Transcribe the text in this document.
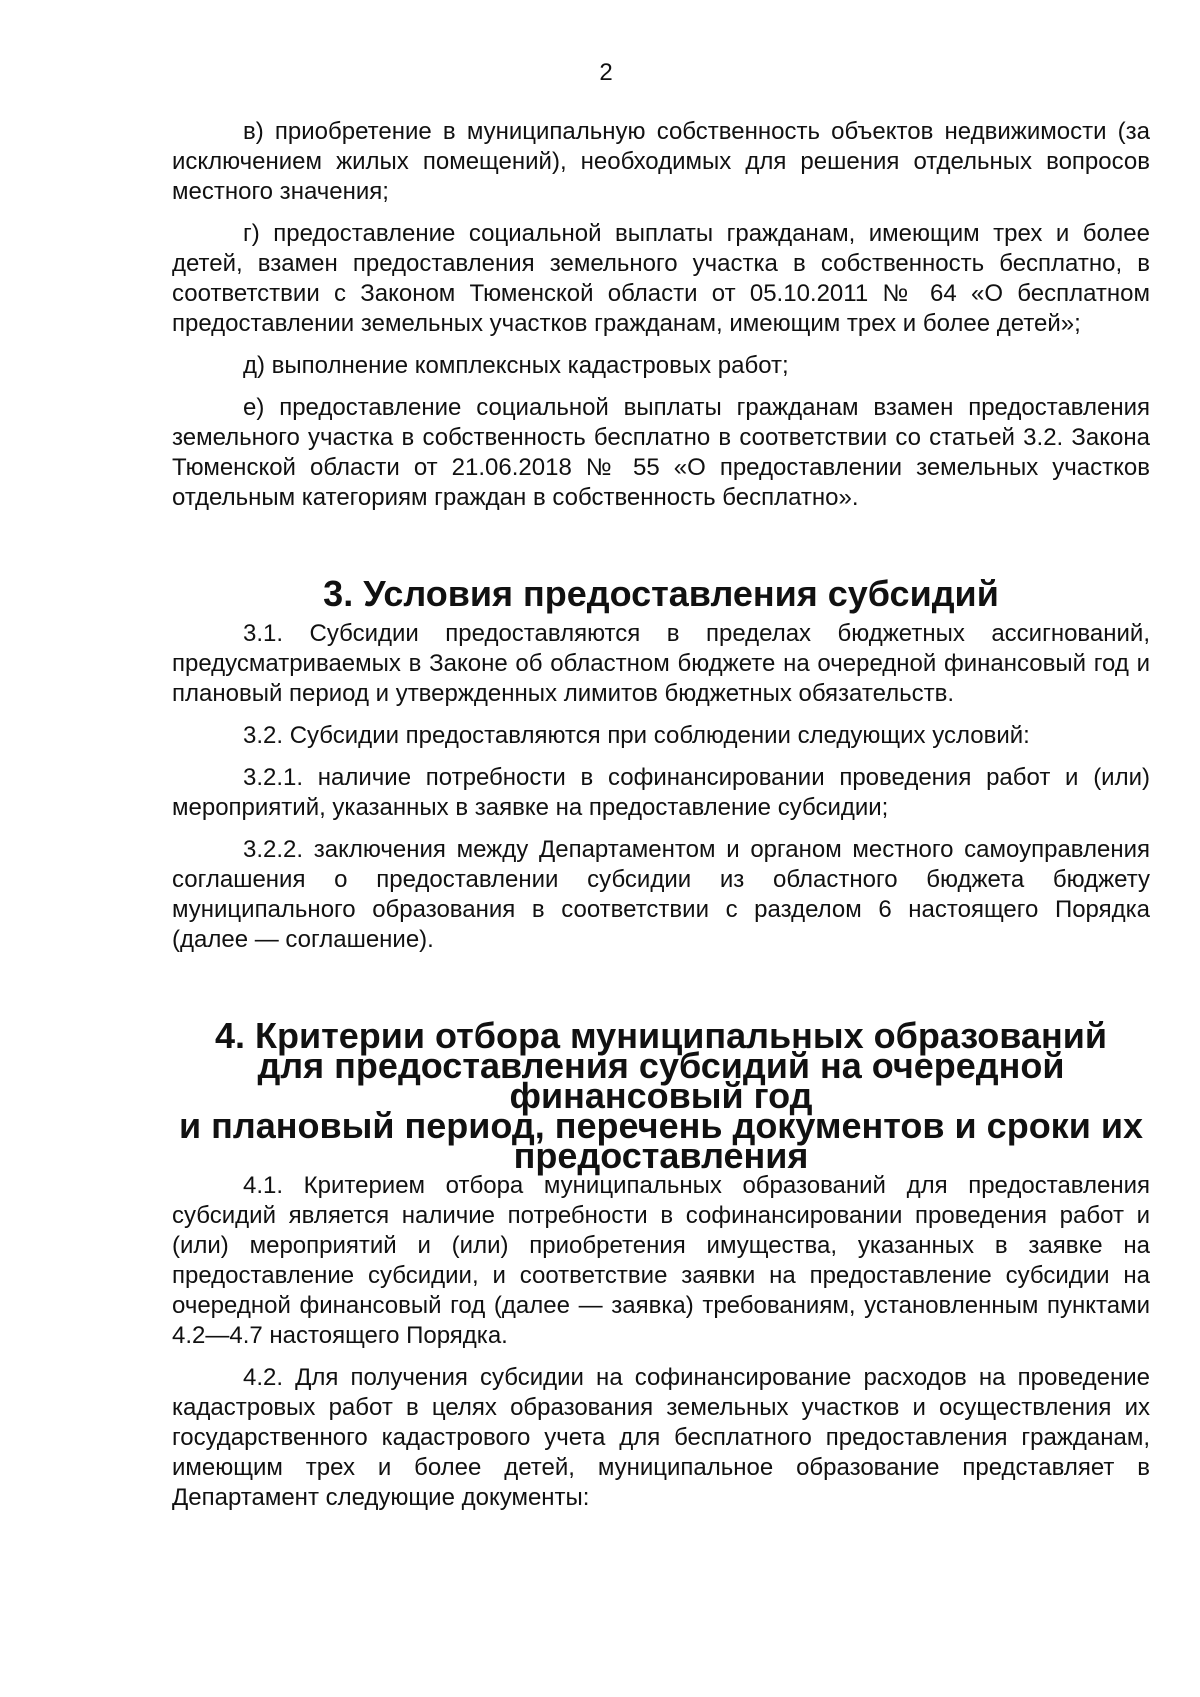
2

в) приобретение в муниципальную собственность объектов недвижимости (за исключением жилых помещений), необходимых для решения отдельных вопросов местного значения;

г) предоставление социальной выплаты гражданам, имеющим трех и более детей, взамен предоставления земельного участка в собственность бесплатно, в соответствии с Законом Тюменской области от 05.10.2011 № 64 «О бесплатном предоставлении земельных участков гражданам, имеющим трех и более детей»;

д) выполнение комплексных кадастровых работ;

е) предоставление социальной выплаты гражданам взамен предоставления земельного участка в собственность бесплатно в соответствии со статьей 3.2. Закона Тюменской области от 21.06.2018 № 55 «О предоставлении земельных участков отдельным категориям граждан в собственность бесплатно».

3. Условия предоставления субсидий

3.1. Субсидии предоставляются в пределах бюджетных ассигнований, предусматриваемых в Законе об областном бюджете на очередной финансовый год и плановый период и утвержденных лимитов бюджетных обязательств.

3.2. Субсидии предоставляются при соблюдении следующих условий:

3.2.1. наличие потребности в софинансировании проведения работ и (или) мероприятий, указанных в заявке на предоставление субсидии;

3.2.2. заключения между Департаментом и органом местного самоуправления соглашения о предоставлении субсидии из областного бюджета бюджету муниципального образования в соответствии с разделом 6 настоящего Порядка (далее — соглашение).

4. Критерии отбора муниципальных образований
для предоставления субсидий на очередной финансовый год
и плановый период, перечень документов и сроки их
предоставления

4.1. Критерием отбора муниципальных образований для предоставления субсидий является наличие потребности в софинансировании проведения работ и (или) мероприятий и (или) приобретения имущества, указанных в заявке на предоставление субсидии, и соответствие заявки на предоставление субсидии на очередной финансовый год (далее — заявка) требованиям, установленным пунктами 4.2—4.7 настоящего Порядка.

4.2. Для получения субсидии на софинансирование расходов на проведение кадастровых работ в целях образования земельных участков и осуществления их государственного кадастрового учета для бесплатного предоставления гражданам, имеющим трех и более детей, муниципальное образование представляет в Департамент следующие документы:
